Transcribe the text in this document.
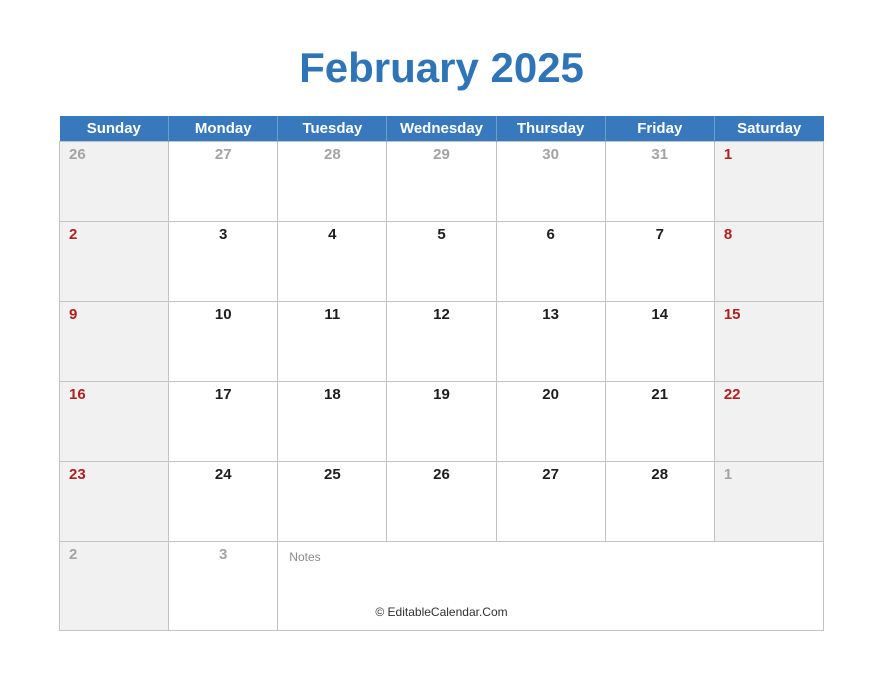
February 2025
Sunday	Monday	Tuesday	Wednesday	Thursday	Friday	Saturday
26	27	28	29	30	31	1
2	3	4	5	6	7	8
9	10	11	12	13	14	15
16	17	18	19	20	21	22
23	24	25	26	27	28	1
2	3	Notes				
© EditableCalendar.Com
